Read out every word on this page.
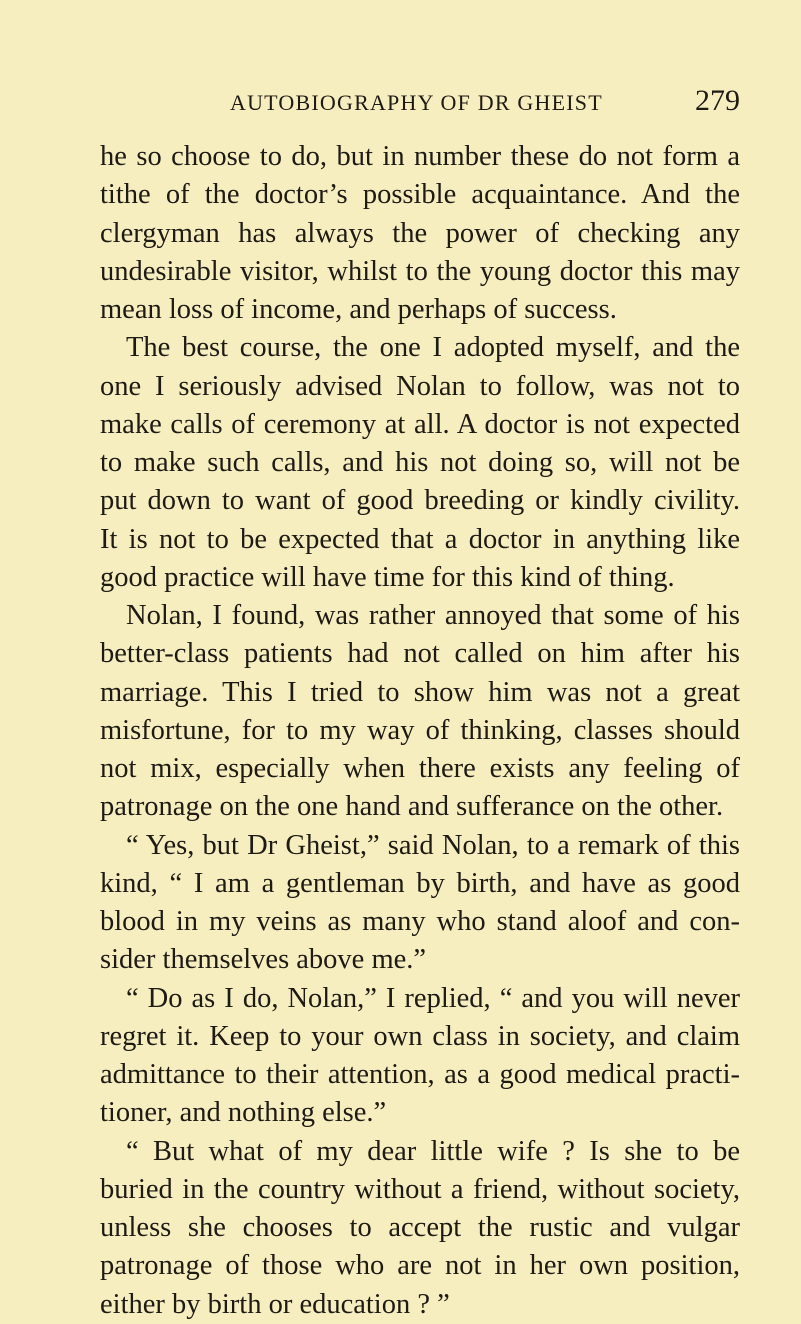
AUTOBIOGRAPHY OF DR GHEIST	279
he so choose to do, but in number these do not form a
tithe of the doctor’s possible acquaintance. And the
clergyman has always the power of checking any
undesirable visitor, whilst to the young doctor this may
mean loss of income, and perhaps of success.
The best course, the one I adopted myself, and the
one I seriously advised Nolan to follow, was not to
make calls of ceremony at all. A doctor is not expected
to make such calls, and his not doing so, will not be
put down to want of good breeding or kindly civility.
It is not to be expected that a doctor in anything like
good practice will have time for this kind of thing.
Nolan, I found, was rather annoyed that some of his
better-class patients had not called on him after his
marriage. This I tried to show him was not a great
misfortune, for to my way of thinking, classes should
not mix, especially when there exists any feeling of
patronage on the one hand and sufferance on the other.
“ Yes, but Dr Gheist,” said Nolan, to a remark of this
kind, “ I am a gentleman by birth, and have as good
blood in my veins as many who stand aloof and con-
sider themselves above me.”
“ Do as I do, Nolan,” I replied, “ and you will never
regret it. Keep to your own class in society, and claim
admittance to their attention, as a good medical practi-
tioner, and nothing else.”
“ But what of my dear little wife ? Is she to be
buried in the country without a friend, without society,
unless she chooses to accept the rustic and vulgar
patronage of those who are not in her own position,
either by birth or education ? ”
